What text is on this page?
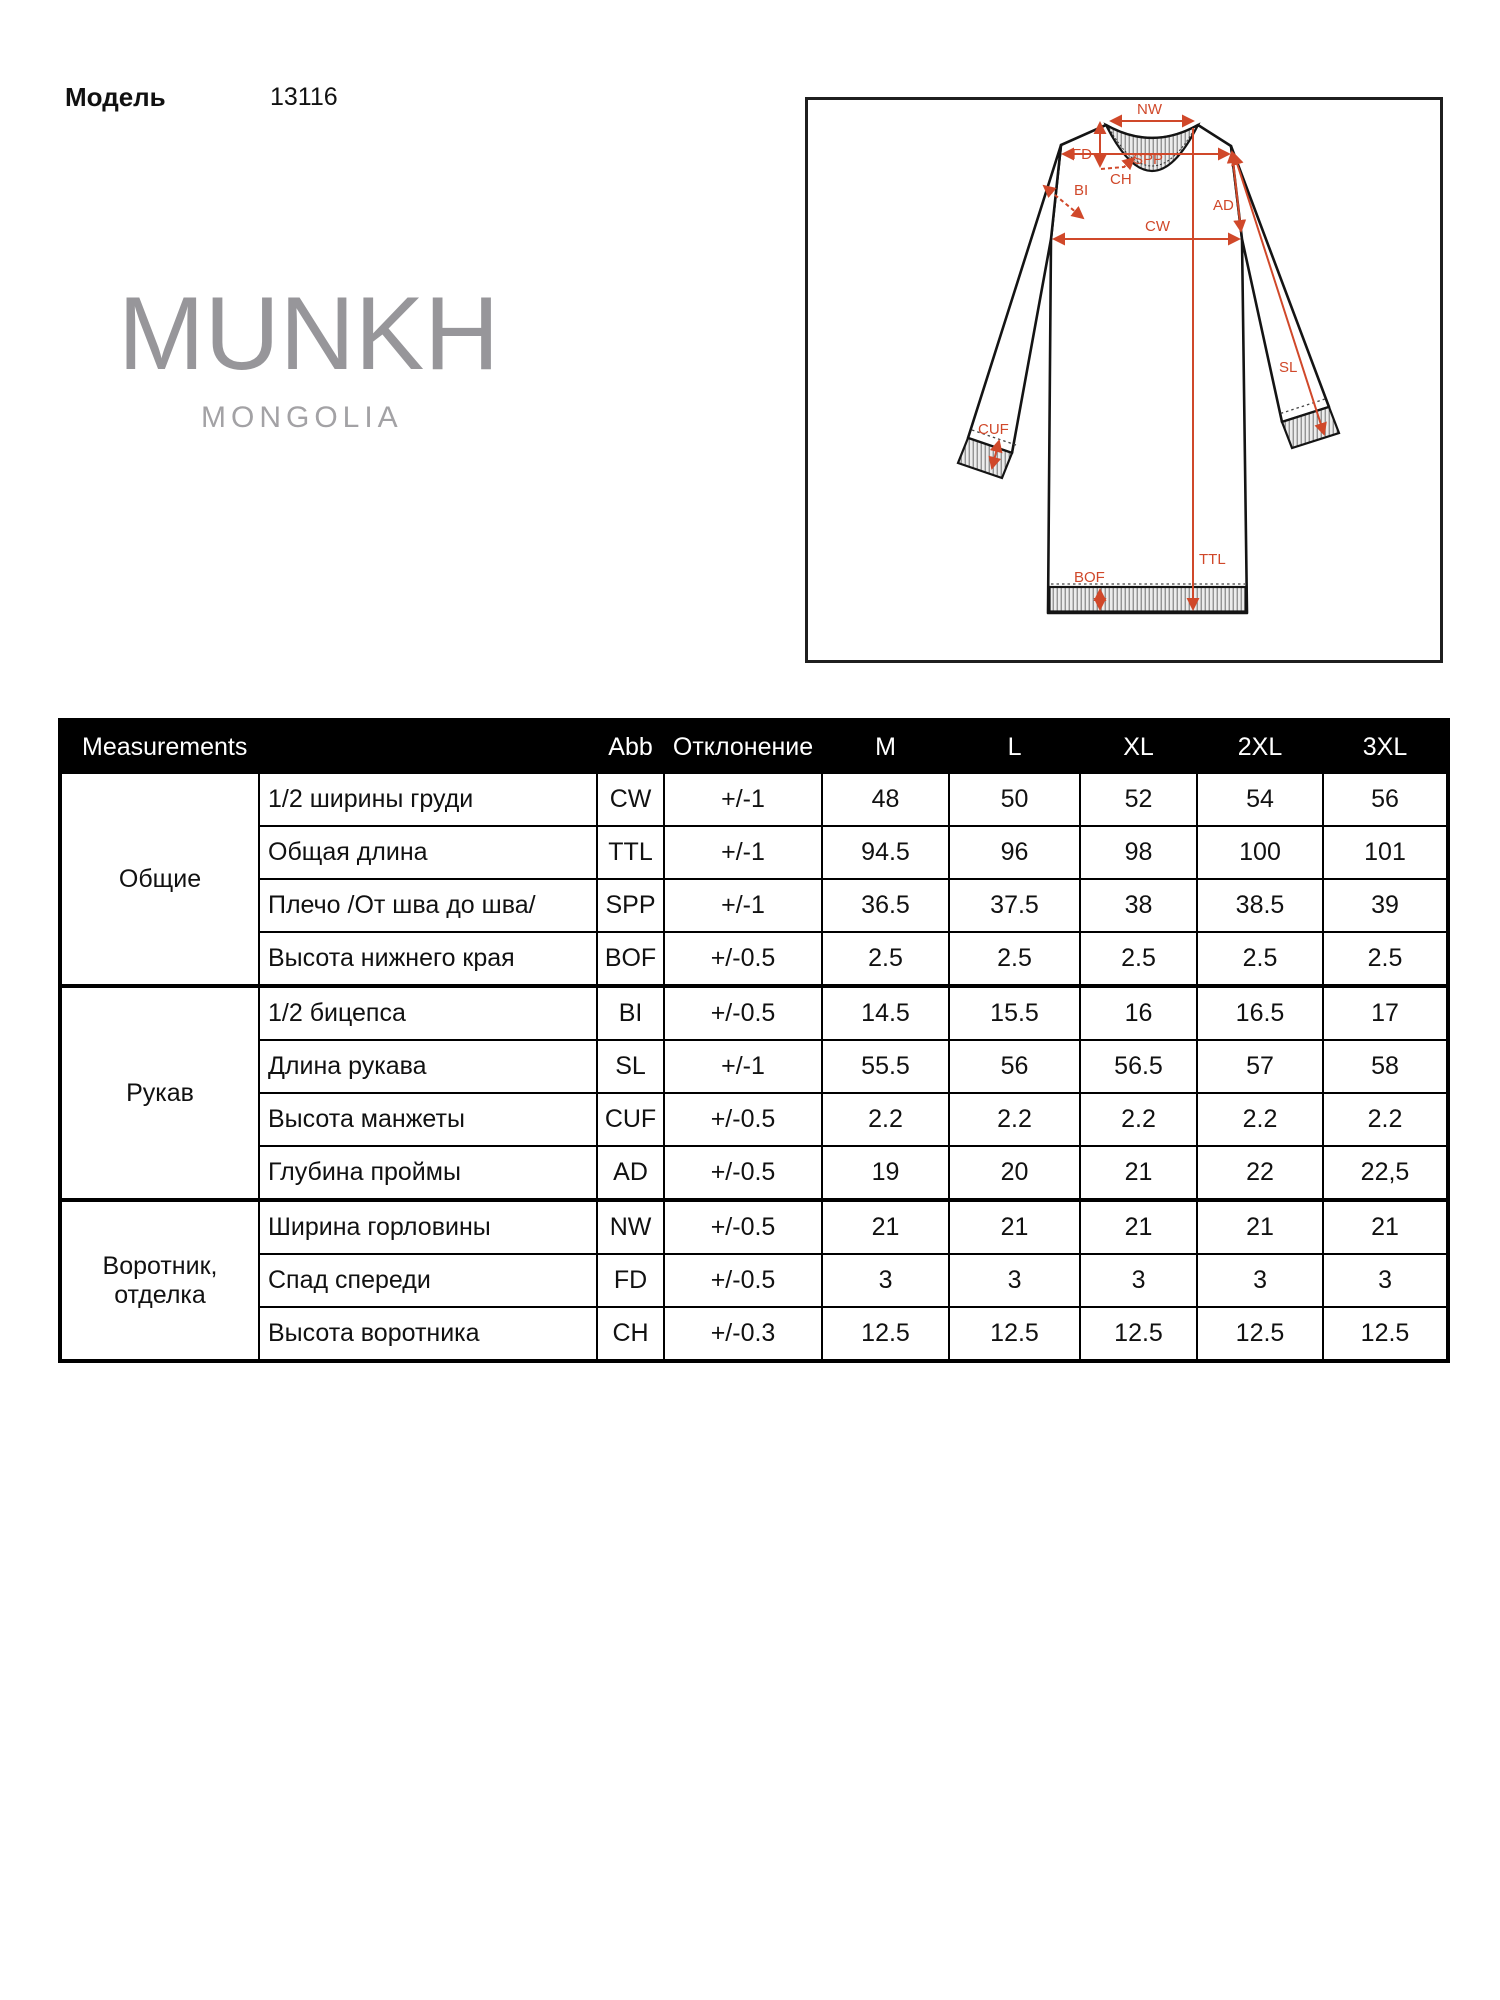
Модель	13116
MUNKH
MONGOLIA
NW
SPP
FD
CH
BI
AD
CW
SL
TTL
BOF
CUF
Measurements		Abb	Отклонение	M	L	XL	2XL	3XL
Общие	1/2 ширины груди	CW	+/-1	48	50	52	54	56
	Общая длина	TTL	+/-1	94.5	96	98	100	101
	Плечо /От шва до шва/	SPP	+/-1	36.5	37.5	38	38.5	39
	Высота нижнего края	BOF	+/-0.5	2.5	2.5	2.5	2.5	2.5
Рукав	1/2 бицепса	BI	+/-0.5	14.5	15.5	16	16.5	17
	Длина рукава	SL	+/-1	55.5	56	56.5	57	58
	Высота манжеты	CUF	+/-0.5	2.2	2.2	2.2	2.2	2.2
	Глубина проймы	AD	+/-0.5	19	20	21	22	22,5
Воротник, отделка	Ширина горловины	NW	+/-0.5	21	21	21	21	21
	Спад спереди	FD	+/-0.5	3	3	3	3	3
	Высота воротника	CH	+/-0.3	12.5	12.5	12.5	12.5	12.5
